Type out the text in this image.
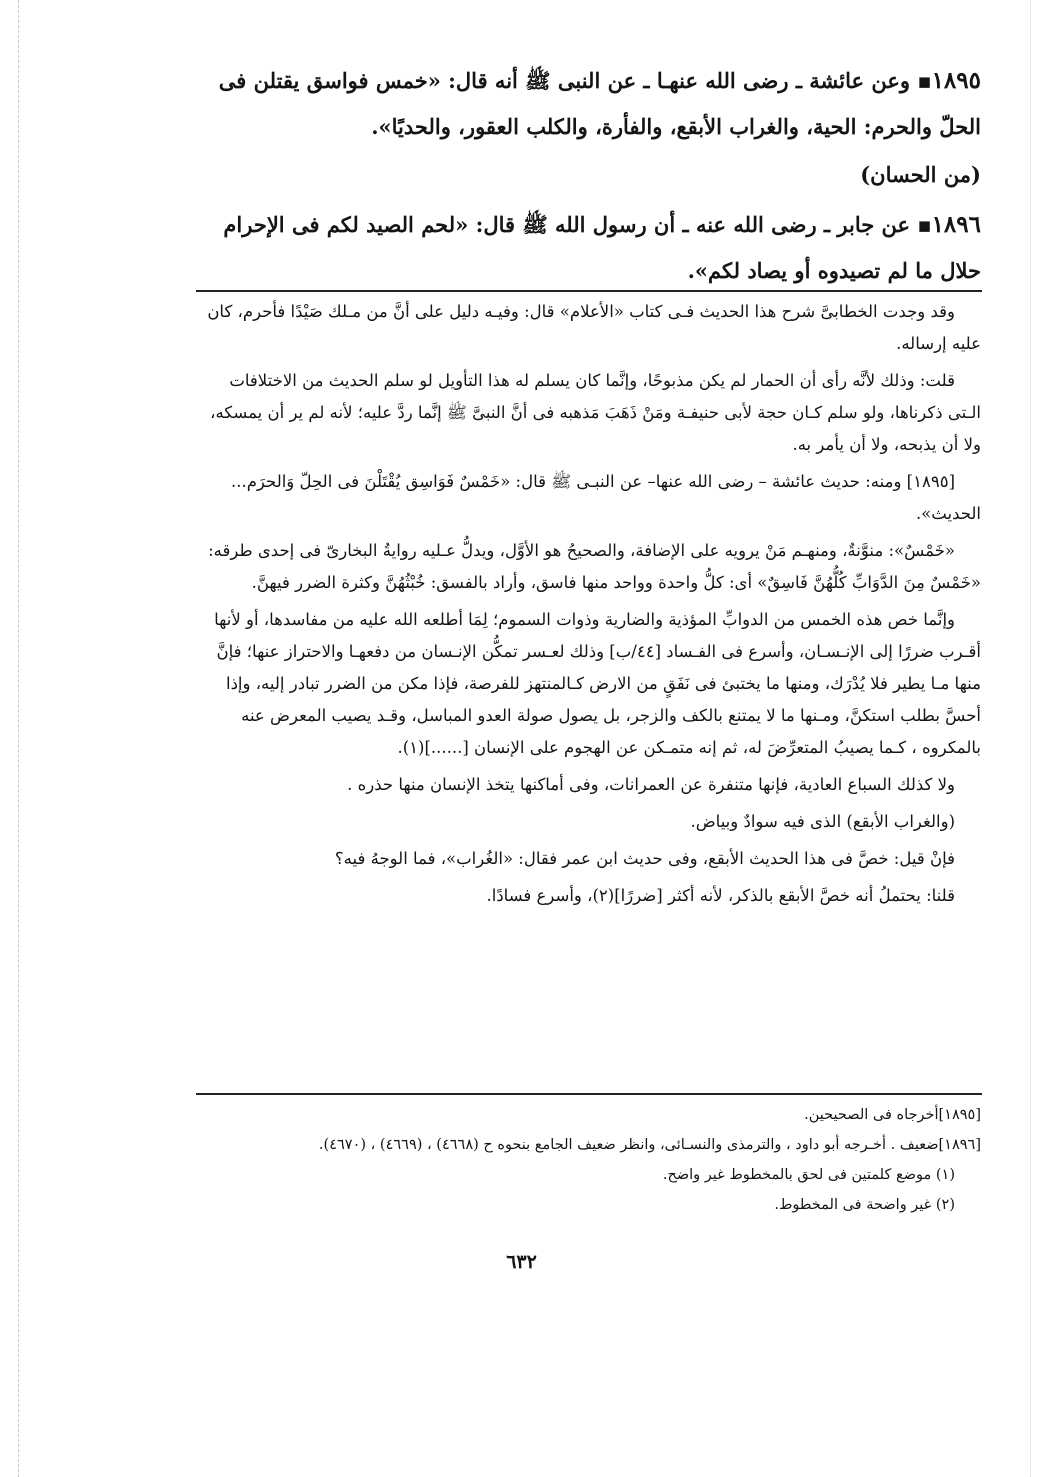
١٨٩٥▪ وعن عائشة ـ رضى الله عنهـا ـ عن النبى ﷺ أنه قال: «خمس فواسق يقتلن فى الحلّ والحرم: الحية، والغراب الأبقع، والفأرة، والكلب العقور، والحديًا».

(من الحسان)

١٨٩٦▪ عن جابر ـ رضى الله عنه ـ أن رسول الله ﷺ قال: «لحم الصيد لكم فى الإحرام حلال ما لم تصيدوه أو يصاد لكم».

وقد وجدت الخطابىَّ شرح هذا الحديث فـى كتاب «الأعلام» قال: وفيـه دليل على أنَّ من مـلك صَيْدًا فأحرم، كان عليه إرساله.

قلت: وذلك لأنَّه رأى أن الحمار لم يكن مذبوحًا، وإنَّما كان يسلم له هذا التأويل لو سلم الحديث من الاختلافات الـتى ذكرناها، ولو سلم كـان حجة لأبى حنيفـة ومَنْ ذَهَبَ مَذهبه فى أنَّ النبىَّ ﷺ إنَّما ردَّ عليه؛ لأنه لم ير أن يمسكه، ولا أن يذبحه، ولا أن يأمر به.

[١٨٩٥] ومنه: حديث عائشة – رضى الله عنها– عن النبـى ﷺ قال: «خَمْسٌ فَوَاسِق يُقْتَلْنَ فى الحِلّ وَالحرَم... الحديث».

«خَمْسٌ»: منوَّنةٌ، ومنهـم مَنْ يرويه على الإضافة، والصحيحُ هو الأوَّل، ويدلُّ عـليه روايةُ البخارىّ فى إحدى طرقه: «خَمْسٌ مِنَ الدَّوَابِّ كُلُّهُنَّ فَاسِقٌ» أى: كلُّ واحدة وواحد منها فاسق، وأراد بالفسق: خُبْثُهُنَّ وكثرة الضرر فيهنَّ.

وإنَّما خص هذه الخمس من الدوابِّ المؤذية والضارية وذوات السموم؛ لِمَا أطلعه الله عليه من مفاسدها، أو لأنها أقـرب ضررًا إلى الإنـسـان، وأسرع فى الفـساد [٤٤/ب] وذلك لعـسر تمكُّن الإنـسان من دفعهـا والاحتراز عنها؛ فإنَّ منها مـا يطير فلا يُدْرَك، ومنها ما يختبئ فى نَفَقٍ من الارض كـالمنتهز للفرصة، فإذا مكن من الضرر تبادر إليه، وإذا أحسَّ بطلب استكنَّ، ومـنها ما لا يمتنع بالكف والزجر، بل يصول صولة العدو المباسل، وقـد يصيب المعرض عنه بالمكروه ، كـما يصيبُ المتعرِّضَ له، ثم إنه متمـكن عن الهجوم على الإنسان [......](١).

ولا كذلك السباع العادية، فإنها متنفرة عن العمرانات، وفى أماكنها يتخذ الإنسان منها حذره .

(والغراب الأبقع) الذى فيه سوادٌ وبياض.

فإنْ قيل: خصَّ فى هذا الحديث الأبقع، وفى حديث ابن عمر فقال: «الغُراب»، فما الوجهُ فيه؟

قلنا: يحتملُ أنه خصَّ الأبقع بالذكر، لأنه أكثر [ضررًا](٢)، وأسرع فسادًا.

[١٨٩٥]أخرجاه فى الصحيحين.

[١٨٩٦]ضعيف . أخـرجه أبو داود ، والترمذى والنسـائى، وانظر ضعيف الجامع بنحوه ح (٤٦٦٨) ، (٤٦٦٩) ، (٤٦٧٠).

(١) موضع كلمتين فى لحق بالمخطوط غير واضح.

(٢) غير واضحة فى المخطوط.

٦٣٢
